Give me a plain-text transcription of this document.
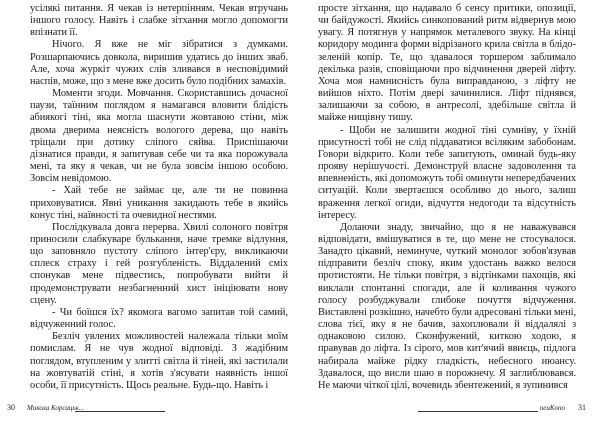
усілякі питання. Я чекав із нетерпінням. Чекав втручань іншого голосу. Навіть і слабке зітхання могло допомогти впізнати її.

Нічого. Я вже не міг зібратися з думками. Розшарпаючись довкола, виришив удатись до інших зваб. Але, хоча журкіт чужих слів зливався в несповідимий наспів, може, що з мене вже досить було подібних замахів.

Моменти згоди. Мовчання. Скориставшись дочасної паузи, таїнним поглядом я намагався вловити блідість абиякогі тіні, яка могла шаснути жовтавою стіни, між двома дверима неясність вологого дерева, що навіть тріщали при дотику сліпого сяйва. Приспішаючи дізнатися правди, я запитував себе чи та яка порожувала мені, та яку я чекав, чи не була зовсім іншою особою. Зовсім невідомою.

- Хай тебе не займає це, але ти не повинна приховуватися. Явні уникання закидають тебе в якийсь конус тіні, наївності та очевидної нестями.

Послідкувала довга перерва. Хвилі солоного повітря приносили слабкуваре булькання, наче тремке відлуння, що заповняло пустоту сліпого інтер'єру, викликаючи сплеск страху і гей розгубленість. Віддалений сміх спонукав мене підвестись, попробувати вийти й продемонструвати незбагненний хист ініціювати нову сцену.

- Чи боїшся їх? якомога вагомо запитав той самий, відчуженний голос.

Безліч увлених можливостей належала тільки моїм помислам. Я не чув жодної відповіді. З жадібним поглядом, втупленим у злитті світла й тіней, які застилали на жовтуватій стіні, я хотів з'ясувати наявність іншої особи, її присутність. Щось реальне. Будь-що. Навіть і

30 Микола Корсацьк...

просте зітхання, що надавало б сенсу притики, опозиції, чи байдужості. Якийсь синкопований ритм відвернув мою увагу. Я потягнув у напрямок металевого звуку. На кінці коридору модинга форми відрізаного крила світла в блідо-зеленій копір. Те, що здавалося торшером заблимало декілька разів, сповіщаючи про відчинення дверей ліфту. Хоча моя намнисність була виправданою, з ліфту не вийшов ніхто. Потім двері зачинилися. Ліфт піднявся, залишаючи за собою, в антресолі, здебільше світла й майже нищівну тишу.

- Щоби не залишити жодної тіні сумніву, у їхній присутності тобі не слід піддаватися всіляким забобонам. Говори відкрито. Коли тебе запитують, оминай будь-яку прояву нерішучості. Демонструй власне задоволення та впевненість, які допоможуть тобі оминути непередбачених ситуацій. Коли звертаєшся особливо до нього, залиш враження легкої огиди, відчуття недогоди та відсутність інтересу.

Долаючи знаду, звичайно, що я не наважувався відповідати, вмішуватися в те, що мене не стосувалося. Занадто цікавий, неминуче, чуткий монолог зобов'язував підправити безліч споку, яким удостань важко велося протистояти. Не тільки повітря, з відтінками пахощів, які виклали спонтанні спогади, але й коливання чужого голосу розбуджували глибоке почуття відчуження. Виставлені розкішно, начебто були адресовані тільки мені, слова тієї, яку я не бачив, захоплювали й віддалялі з однаковою силою. Сконфужений, киткою ходою, я правував до ліфта. Із сірого, мов кит'ячий ввиєць, підлога набирала майже рідку гладкість, небесного нюансу. Здавалося, що висли шаю в порожнечу. Я заглиблювався. Не маючи чіткої цілі, вочевидь збентежений, я зупинився

neuKono 31
